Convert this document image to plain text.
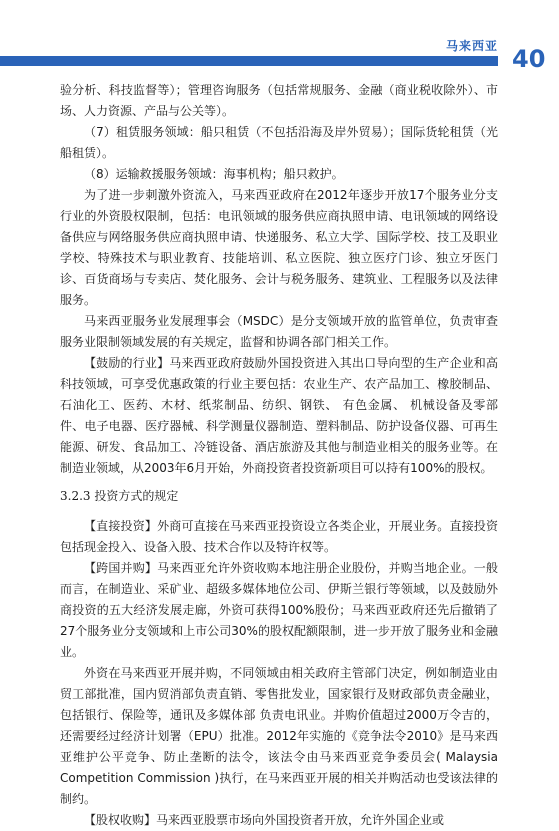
马来西亚 40

验分析、科技监督等）；管理咨询服务（包括常规服务、金融（商业税收除外）、市场、人力资源、产品与公关等）。

（7）租赁服务领域：船只租赁（不包括沿海及岸外贸易）；国际货轮租赁（光船租赁）。

（8）运输救援服务领域：海事机构；船只救护。

为了进一步刺激外资流入，马来西亚政府在2012年逐步开放17个服务业分支行业的外资股权限制，包括：电讯领域的服务供应商执照申请、电讯领域的网络设备供应与网络服务供应商执照申请、快递服务、私立大学、国际学校、技工及职业学校、特殊技术与职业教育、技能培训、私立医院、独立医疗门诊、独立牙医门诊、百货商场与专卖店、焚化服务、会计与税务服务、建筑业、工程服务以及法律服务。

马来西亚服务业发展理事会（MSDC）是分支领域开放的监管单位，负责审查服务业限制领域发展的有关规定，监督和协调各部门相关工作。

【鼓励的行业】马来西亚政府鼓励外国投资进入其出口导向型的生产企业和高科技领域，可享受优惠政策的行业主要包括：农业生产、农产品加工、橡胶制品、石油化工、医药、木材、纸浆制品、纺织、钢铁、 有色金属、 机械设备及零部件、电子电器、医疗器械、科学测量仪器制造、塑料制品、防护设备仪器、可再生能源、研发、食品加工、冷链设备、酒店旅游及其他与制造业相关的服务业等。在制造业领域，从2003年6月开始，外商投资者投资新项目可以持有100%的股权。

3.2.3 投资方式的规定

【直接投资】外商可直接在马来西亚投资设立各类企业，开展业务。直接投资包括现金投入、设备入股、技术合作以及特许权等。

【跨国并购】马来西亚允许外资收购本地注册企业股份，并购当地企业。一般而言，在制造业、采矿业、超级多媒体地位公司、伊斯兰银行等领域，以及鼓励外商投资的五大经济发展走廊，外资可获得100%股份；马来西亚政府还先后撤销了27个服务业分支领域和上市公司30%的股权配额限制，进一步开放了服务业和金融业。

外资在马来西亚开展并购，不同领域由相关政府主管部门决定，例如制造业由贸工部批准，国内贸消部负责直销、零售批发业，国家银行及财政部负责金融业，包括银行、保险等，通讯及多媒体部 负责电讯业。并购价值超过2000万令吉的，还需要经过经济计划署（EPU）批准。2012年实施的《竞争法令2010》是马来西亚维护公平竞争、防止垄断的法令，该法令由马来西亚竞争委员会( Malaysia Competition Commission )执行，在马来西亚开展的相关并购活动也受该法律的制约。

【股权收购】马来西亚股票市场向外国投资者开放，允许外国企业或
